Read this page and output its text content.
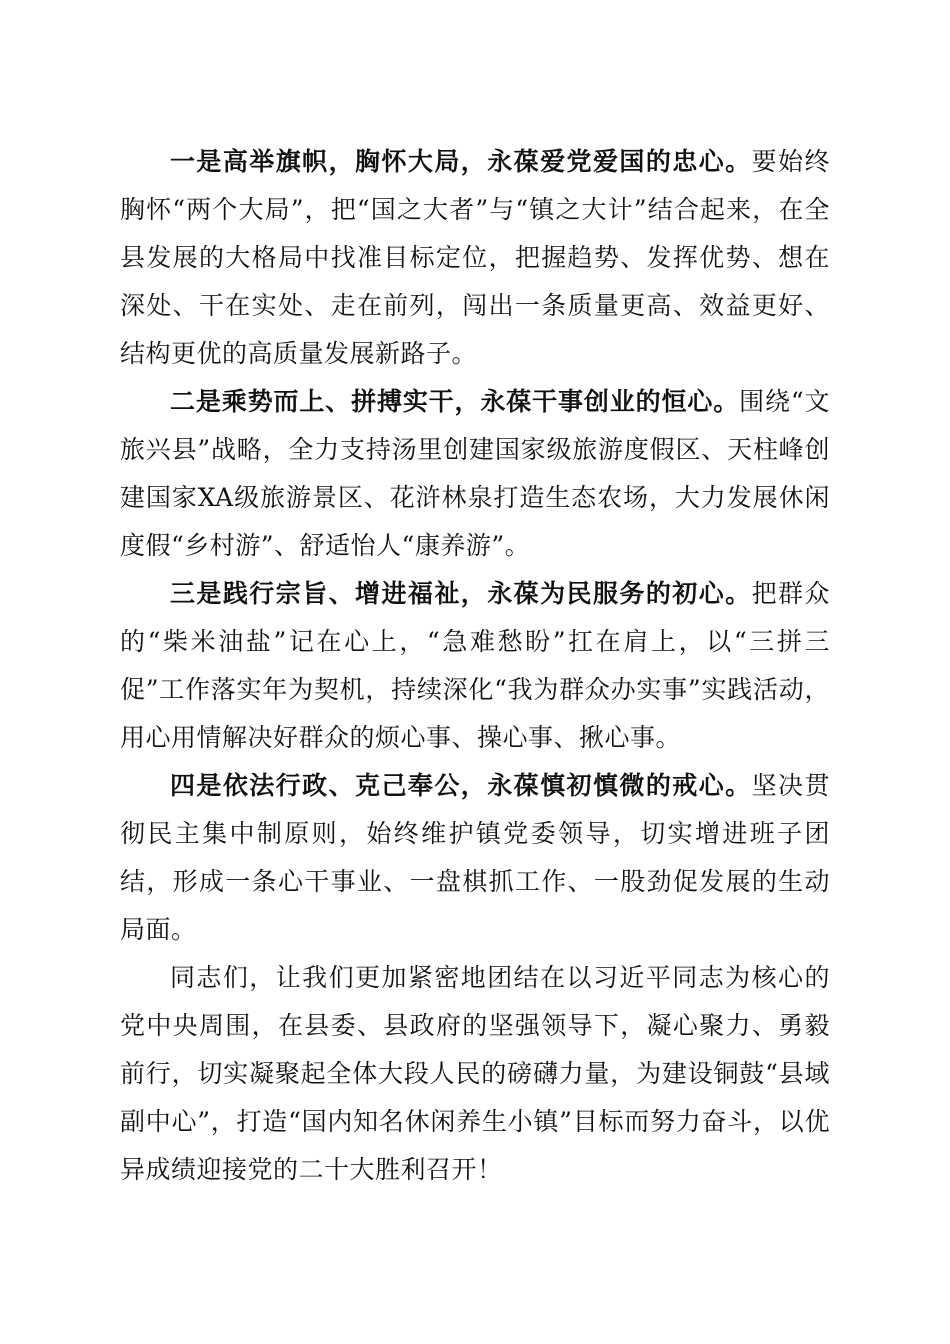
一是高举旗帜，胸怀大局，永葆爱党爱国的忠心。要始终胸怀“两个大局”，把“国之大者”与“镇之大计”结合起来，在全县发展的大格局中找准目标定位，把握趋势、发挥优势、想在深处、干在实处、走在前列，闯出一条质量更高、效益更好、结构更优的高质量发展新路子。

二是乘势而上、拼搏实干，永葆干事创业的恒心。围绕“文旅兴县”战略，全力支持汤里创建国家级旅游度假区、天柱峰创建国家XA级旅游景区、花浒林泉打造生态农场，大力发展休闲度假“乡村游”、舒适怡人“康养游”。

三是践行宗旨、增进福祉，永葆为民服务的初心。把群众的“柴米油盐”记在心上，“急难愁盼”扛在肩上，以“三拼三促”工作落实年为契机，持续深化“我为群众办实事”实践活动，用心用情解决好群众的烦心事、操心事、揪心事。

四是依法行政、克己奉公，永葆慎初慎微的戒心。坚决贯彻民主集中制原则，始终维护镇党委领导，切实增进班子团结，形成一条心干事业、一盘棋抓工作、一股劲促发展的生动局面。

同志们，让我们更加紧密地团结在以习近平同志为核心的党中央周围，在县委、县政府的坚强领导下，凝心聚力、勇毅前行，切实凝聚起全体大段人民的磅礴力量，为建设铜鼓“县域副中心”，打造“国内知名休闲养生小镇”目标而努力奋斗，以优异成绩迎接党的二十大胜利召开！
